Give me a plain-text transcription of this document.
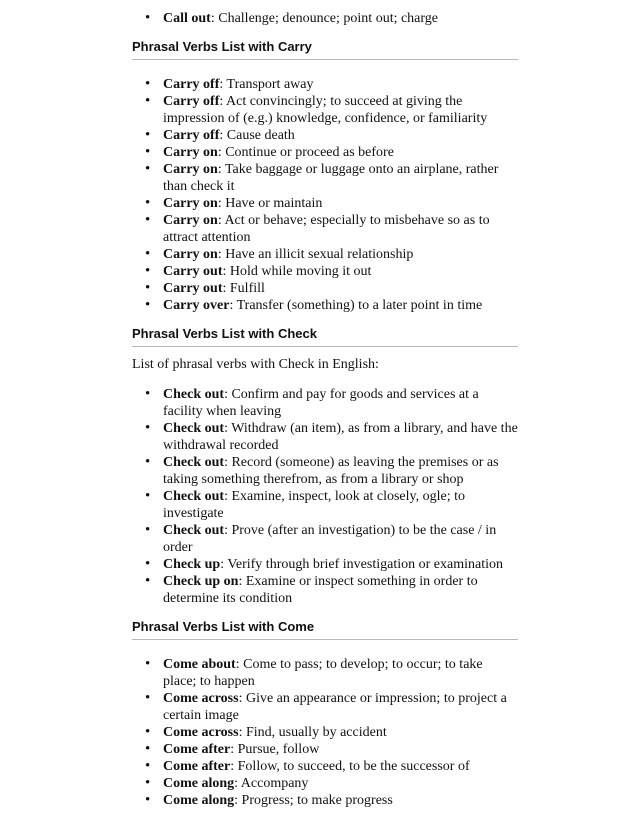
• Call out: Challenge; denounce; point out; charge
Phrasal Verbs List with Carry
• Carry off: Transport away
• Carry off: Act convincingly; to succeed at giving the impression of (e.g.) knowledge, confidence, or familiarity
• Carry off: Cause death
• Carry on: Continue or proceed as before
• Carry on: Take baggage or luggage onto an airplane, rather than check it
• Carry on: Have or maintain
• Carry on: Act or behave; especially to misbehave so as to attract attention
• Carry on: Have an illicit sexual relationship
• Carry out: Hold while moving it out
• Carry out: Fulfill
• Carry over: Transfer (something) to a later point in time
Phrasal Verbs List with Check

List of phrasal verbs with Check in English:

• Check out: Confirm and pay for goods and services at a facility when leaving
• Check out: Withdraw (an item), as from a library, and have the withdrawal recorded
• Check out: Record (someone) as leaving the premises or as taking something therefrom, as from a library or shop
• Check out: Examine, inspect, look at closely, ogle; to investigate
• Check out: Prove (after an investigation) to be the case / in order
• Check up: Verify through brief investigation or examination
• Check up on: Examine or inspect something in order to determine its condition
Phrasal Verbs List with Come
• Come about: Come to pass; to develop; to occur; to take place; to happen
• Come across: Give an appearance or impression; to project a certain image
• Come across: Find, usually by accident
• Come after: Pursue, follow
• Come after: Follow, to succeed, to be the successor of
• Come along: Accompany
• Come along: Progress; to make progress
